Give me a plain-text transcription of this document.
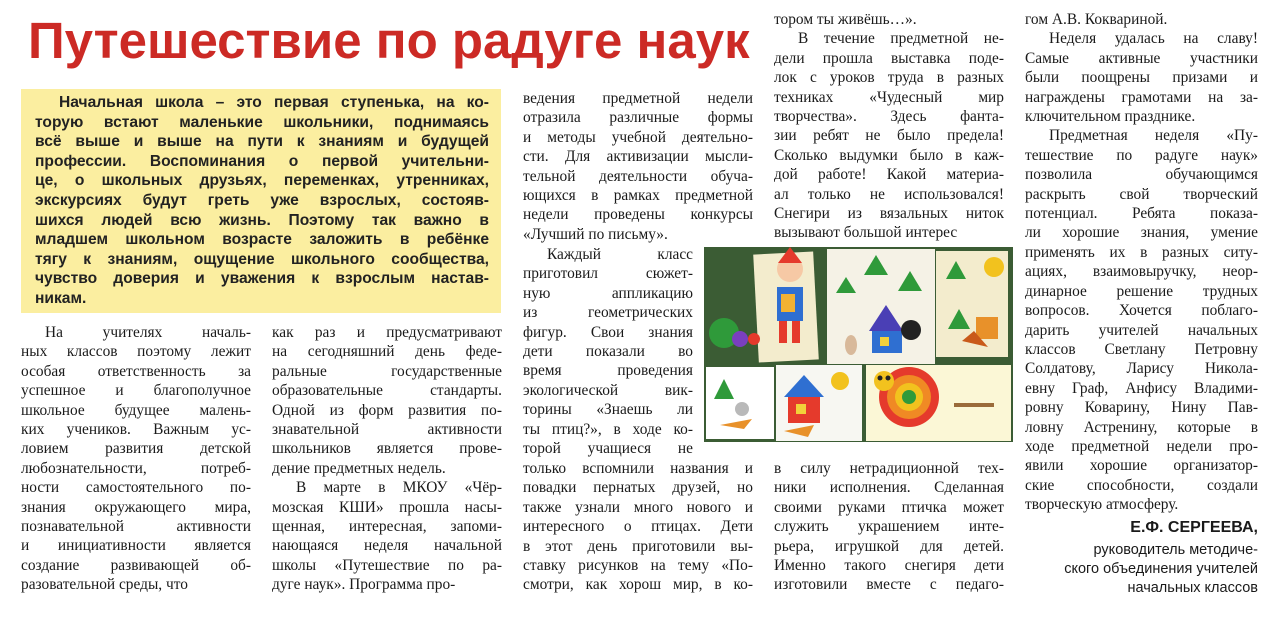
Путешествие по радуге наук
Начальная школа – это первая ступенька, на ко-
торую встают маленькие школьники, поднимаясь
всё выше и выше на пути к знаниям и будущей
профессии. Воспоминания о первой учительни-
це, о школьных друзьях, переменках, утренниках,
экскурсиях будут греть уже взрослых, состояв-
шихся людей всю жизнь. Поэтому так важно в
младшем школьном возрасте заложить в ребёнке
тягу к знаниям, ощущение школьного сообщества,
чувство доверия и уважения к взрослым настав-
никам.
На учителях началь-
ных классов поэтому лежит
особая ответственность за
успешное и благополучное
школьное будущее малень-
ких учеников. Важным ус-
ловием развития детской
любознательности, потреб-
ности самостоятельного по-
знания окружающего мира,
познавательной активности
и инициативности является
создание развивающей об-
разовательной среды, что
как раз и предусматривают
на сегодняшний день феде-
ральные государственные
образовательные стандарты.
Одной из форм развития по-
знавательной активности
школьников является прове-
дение предметных недель.
В марте в МКОУ «Чёр-
мозская КШИ» прошла насы-
щенная, интересная, запоми-
нающаяся неделя начальной
школы «Путешествие по ра-
дуге наук». Программа про-
ведения предметной недели
отразила различные формы
и методы учебной деятельно-
сти. Для активизации мысли-
тельной деятельности обуча-
ющихся в рамках предметной
недели проведены конкурсы
«Лучший по письму».
Каждый класс
приготовил сюжет-
ную аппликацию
из геометрических
фигур. Свои знания
дети показали во
время проведения
экологической вик-
торины «Знаешь ли
ты птиц?», в ходе ко-
торой учащиеся не
только вспомнили названия и
повадки пернатых друзей, но
также узнали много нового и
интересного о птицах. Дети
в этот день приготовили вы-
ставку рисунков на тему «По-
смотри, как хорош мир, в ко-
тором ты живёшь…».
В течение предметной не-
дели прошла выставка поде-
лок с уроков труда в разных
техниках «Чудесный мир
творчества». Здесь фанта-
зии ребят не было предела!
Сколько выдумки было в каж-
дой работе! Какой материа-
ал только не использовался!
Снегири из вязальных ниток
вызывают большой интерес
в силу нетрадиционной тех-
ники исполнения. Сделанная
своими руками птичка может
служить украшением инте-
рьера, игрушкой для детей.
Именно такого снегиря дети
изготовили вместе с педаго-
гом А.В. Коквариной.
Неделя удалась на славу!
Самые активные участники
были поощрены призами и
награждены грамотами на за-
ключительном празднике.
Предметная неделя «Пу-
тешествие по радуге наук»
позволила обучающимся
раскрыть свой творческий
потенциал. Ребята показа-
ли хорошие знания, умение
применять их в разных ситу-
ациях, взаимовыручку, неор-
динарное решение трудных
вопросов. Хочется поблаго-
дарить учителей начальных
классов Светлану Петровну
Солдатову, Ларису Никола-
евну Граф, Анфису Владими-
ровну Коварину, Нину Пав-
ловну Астренину, которые в
ходе предметной недели про-
явили хорошие организатор-
ские способности, создали
творческую атмосферу.

Е.Ф. СЕРГЕЕВА,

руководитель методиче-
ского объединения учителей
начальных классов
